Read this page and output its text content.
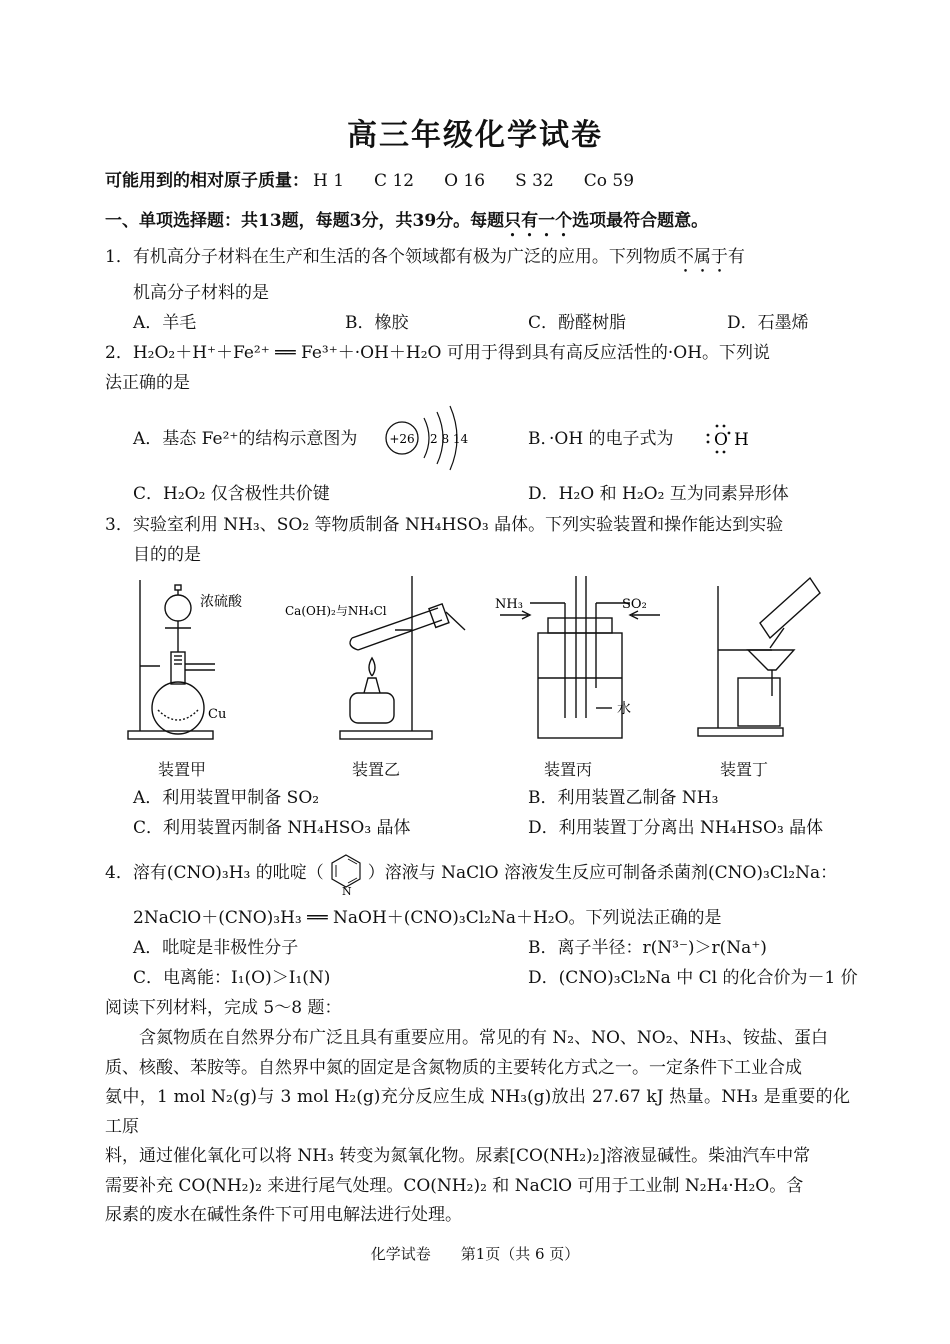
高三年级化学试卷
可能用到的相对原子质量： H 1 C 12 O 16 S 32 Co 59
一、单项选择题：共13题，每题3分，共39分。每题只有一个选项最符合题意。
1．有机高分子材料在生产和生活的各个领域都有极为广泛的应用。下列物质不属于有
机高分子材料的是
A．羊毛	B．橡胶	C．酚醛树脂	D．石墨烯
2．H₂O₂＋H⁺＋Fe²⁺ ══ Fe³⁺＋·OH＋H₂O 可用于得到具有高反应活性的·OH。下列说
法正确的是
A．基态 Fe²⁺的结构示意图为	+26 2 8 14	B．·OH 的电子式为 O H
C．H₂O₂ 仅含极性共价键	D．H₂O 和 H₂O₂ 互为同素异形体
3．实验室利用 NH₃、SO₂ 等物质制备 NH₄HSO₃ 晶体。下列实验装置和操作能达到实验
目的的是
浓硫酸
Cu
Ca(OH)₂与NH₄Cl	NH₃	SO₂
水
装置甲	装置乙	装置丙	装置丁
A．利用装置甲制备 SO₂	B．利用装置乙制备 NH₃
C．利用装置丙制备 NH₄HSO₃ 晶体	D．利用装置丁分离出 NH₄HSO₃ 晶体
4．溶有(CNO)₃H₃ 的吡啶（
N
）溶液与 NaClO 溶液发生反应可制备杀菌剂(CNO)₃Cl₂Na：
2NaClO＋(CNO)₃H₃ ══ NaOH＋(CNO)₃Cl₂Na＋H₂O。下列说法正确的是
A．吡啶是非极性分子	B．离子半径：r(N³⁻)＞r(Na⁺)
C．电离能：I₁(O)＞I₁(N)	D．(CNO)₃Cl₂Na 中 Cl 的化合价为－1 价
阅读下列材料，完成 5～8 题：
　　含氮物质在自然界分布广泛且具有重要应用。常见的有 N₂、NO、NO₂、NH₃、铵盐、蛋白
质、核酸、苯胺等。自然界中氮的固定是含氮物质的主要转化方式之一。一定条件下工业合成
氨中，1 mol N₂(g)与 3 mol H₂(g)充分反应生成 NH₃(g)放出 27.67 kJ 热量。NH₃ 是重要的化工原
料，通过催化氧化可以将 NH₃ 转变为氮氧化物。尿素[CO(NH₂)₂]溶液显碱性。柴油汽车中常
需要补充 CO(NH₂)₂ 来进行尾气处理。CO(NH₂)₂ 和 NaClO 可用于工业制 N₂H₄·H₂O。含
尿素的废水在碱性条件下可用电解法进行处理。
化学试卷　　第1页（共 6 页）
